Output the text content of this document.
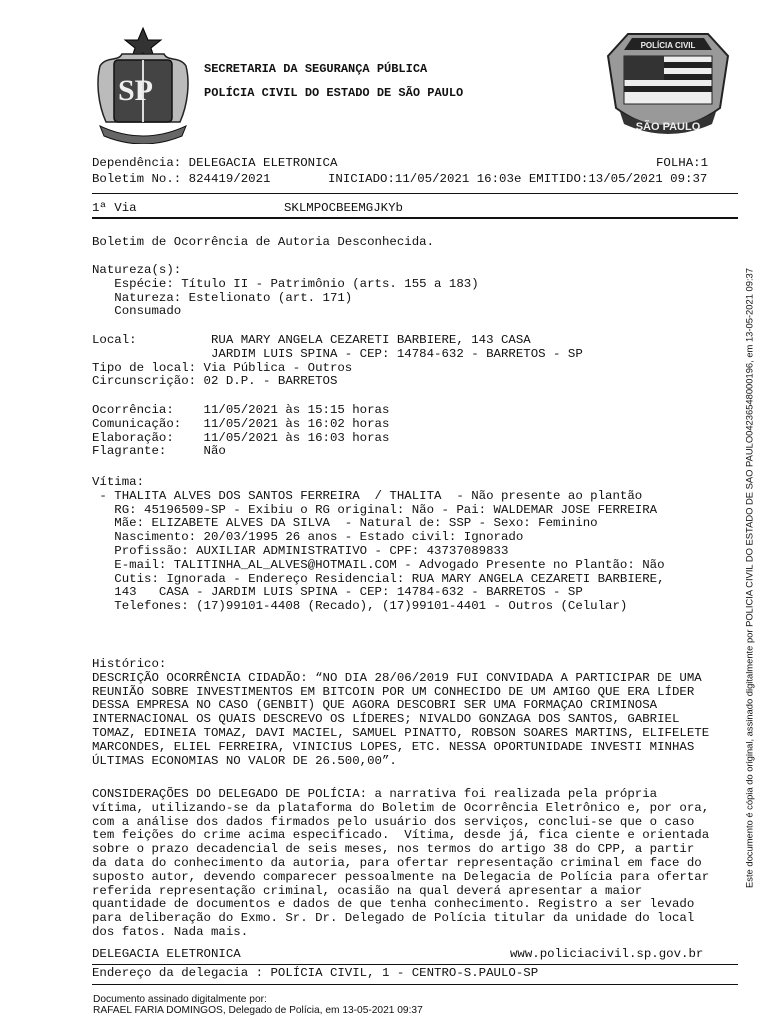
SP
SECRETARIA DA SEGURANÇA PÚBLICA
POLÍCIA CIVIL DO ESTADO DE SÃO PAULO
POLÍCIA CIVIL
SÃO PAULO
Dependência: DELEGACIA ELETRONICA	FOLHA:1
Boletim No.: 824419/2021	INICIADO:11/05/2021 16:03 e EMITIDO:13/05/2021 09:37
1ª Via	SKLMPOCBEEMGJKYb
Boletim de Ocorrência de Autoria Desconhecida.
Natureza(s):
Espécie: Título II - Patrimônio (arts. 155 a 183)
Natureza: Estelionato (art. 171)
Consumado
Local:          RUA MARY ANGELA CEZARETI BARBIERE, 143 CASA
JARDIM LUIS SPINA - CEP: 14784-632 - BARRETOS - SP
Tipo de local: Via Pública - Outros
Circunscrição: 02 D.P. - BARRETOS
Ocorrência:    11/05/2021 às 15:15 horas
Comunicação:   11/05/2021 às 16:02 horas
Elaboração:    11/05/2021 às 16:03 horas
Flagrante:     Não
Vítima:
- THALITA ALVES DOS SANTOS FERREIRA  / THALITA  - Não presente ao plantão
RG: 45196509-SP - Exibiu o RG original: Não - Pai: WALDEMAR JOSE FERREIRA
Mãe: ELIZABETE ALVES DA SILVA  - Natural de: SSP - Sexo: Feminino
Nascimento: 20/03/1995 26 anos - Estado civil: Ignorado
Profissão: AUXILIAR ADMINISTRATIVO - CPF: 43737089833
E-mail: TALITINHA_AL_ALVES@HOTMAIL.COM - Advogado Presente no Plantão: Não
Cutis: Ignorada - Endereço Residencial: RUA MARY ANGELA CEZARETI BARBIERE,
143   CASA - JARDIM LUIS SPINA - CEP: 14784-632 - BARRETOS - SP
Telefones: (17)99101-4408 (Recado), (17)99101-4401 - Outros (Celular)
Histórico:
DESCRIÇÃO OCORRÊNCIA CIDADÃO: “NO DIA 28/06/2019 FUI CONVIDADA A PARTICIPAR DE UMA
REUNIÃO SOBRE INVESTIMENTOS EM BITCOIN POR UM CONHECIDO DE UM AMIGO QUE ERA LÍDER
DESSA EMPRESA NO CASO (GENBIT) QUE AGORA DESCOBRI SER UMA FORMAÇAO CRIMINOSA
INTERNACIONAL OS QUAIS DESCREVO OS LÍDERES; NIVALDO GONZAGA DOS SANTOS, GABRIEL
TOMAZ, EDINEIA TOMAZ, DAVI MACIEL, SAMUEL PINATTO, ROBSON SOARES MARTINS, ELIFELETE
MARCONDES, ELIEL FERREIRA, VINICIUS LOPES, ETC. NESSA OPORTUNIDADE INVESTI MINHAS
ÚLTIMAS ECONOMIAS NO VALOR DE 26.500,00”.
CONSIDERAÇÕES DO DELEGADO DE POLÍCIA: a narrativa foi realizada pela própria
vítima, utilizando-se da plataforma do Boletim de Ocorrência Eletrônico e, por ora,
com a análise dos dados firmados pelo usuário dos serviços, conclui-se que o caso
tem feições do crime acima especificado.  Vítima, desde já, fica ciente e orientada
sobre o prazo decadencial de seis meses, nos termos do artigo 38 do CPP, a partir
da data do conhecimento da autoria, para ofertar representação criminal em face do
suposto autor, devendo comparecer pessoalmente na Delegacia de Polícia para ofertar
referida representação criminal, ocasião na qual deverá apresentar a maior
quantidade de documentos e dados de que tenha conhecimento. Registro a ser levado
para deliberação do Exmo. Sr. Dr. Delegado de Polícia titular da unidade do local
dos fatos. Nada mais.
DELEGACIA ELETRONICA	www.policiacivil.sp.gov.br
Endereço da delegacia : POLÍCIA CIVIL, 1 - CENTRO-S.PAULO-SP
Documento assinado digitalmente por:
RAFAEL FARIA DOMINGOS, Delegado de Polícia, em 13-05-2021 09:37
Este documento é cópia do original, assinado digitalmente por POLICIA CIVIL DO ESTADO DE SAO PAULO042365480001​96, em 13-05-2021 09:37
